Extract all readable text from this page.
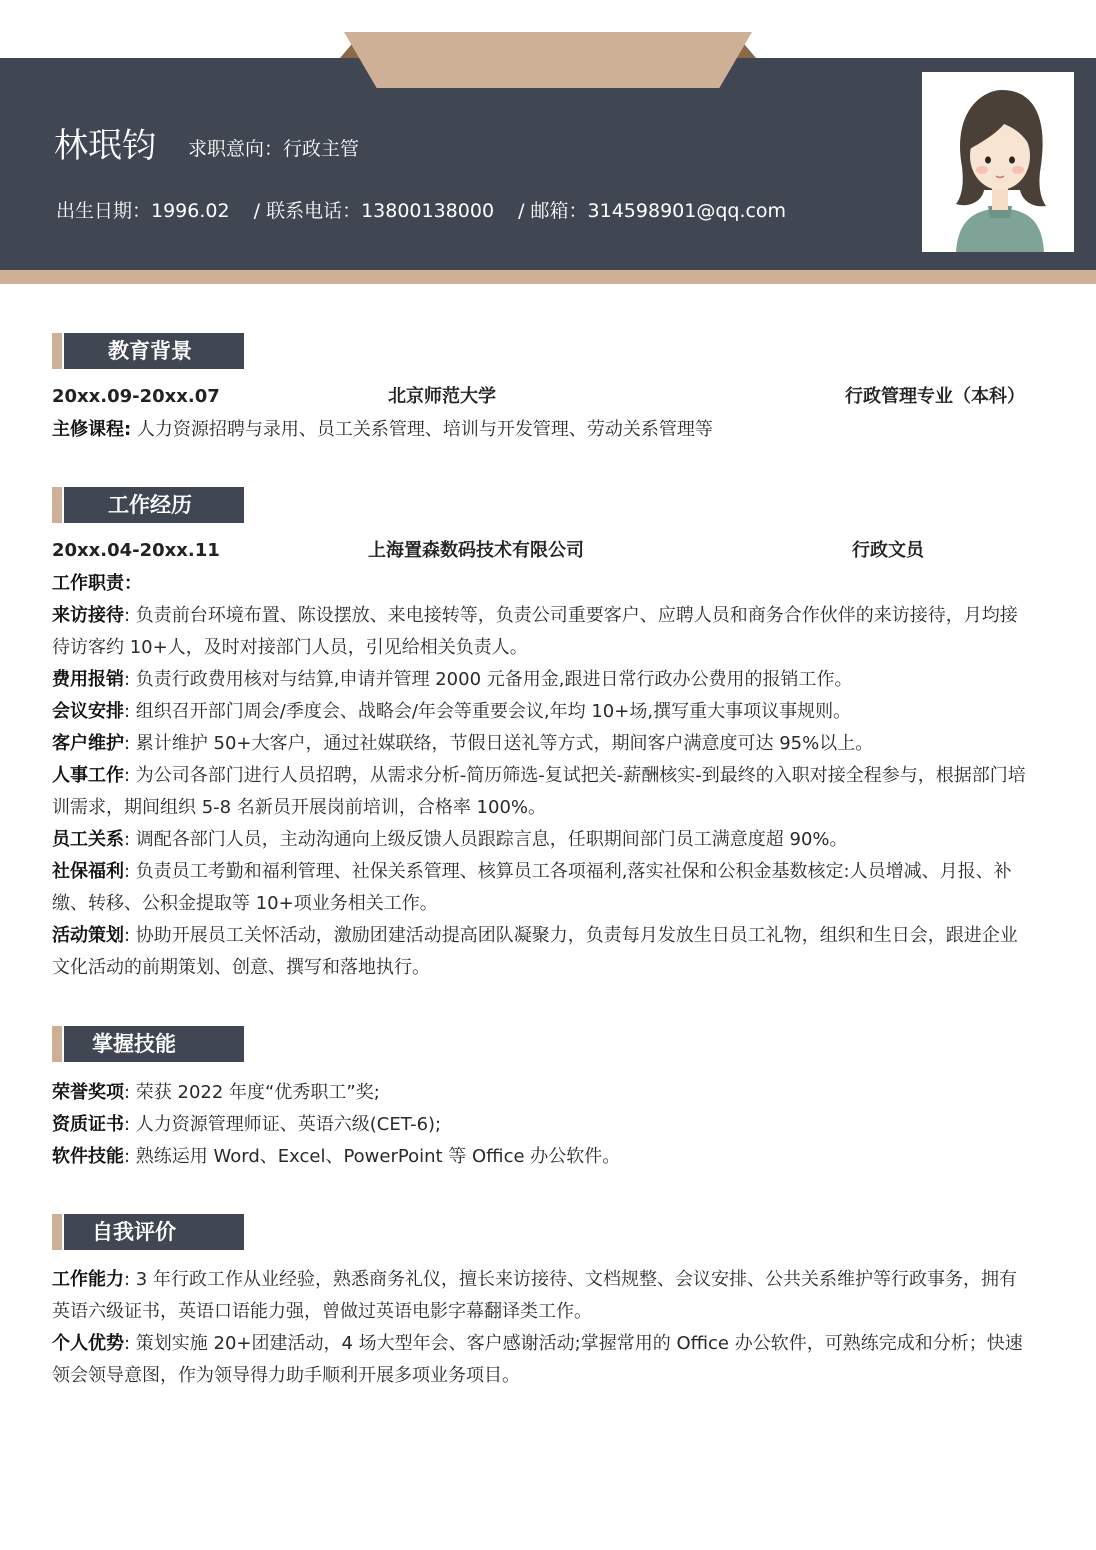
林珉钧 求职意向：行政主管
出生日期：1996.02 / 联系电话：13800138000 / 邮箱：314598901@qq.com
教育背景
20xx.09-20xx.07	北京师范大学	行政管理专业（本科）
主修课程: 人力资源招聘与录用、员工关系管理、培训与开发管理、劳动关系管理等
工作经历
20xx.04-20xx.11	上海置森数码技术有限公司	行政文员
工作职责：
来访接待: 负责前台环境布置、陈设摆放、来电接转等，负责公司重要客户、应聘人员和商务合作伙伴的来访接待，月均接待访客约 10+人，及时对接部门人员，引见给相关负责人。
费用报销: 负责行政费用核对与结算,申请并管理 2000 元备用金,跟进日常行政办公费用的报销工作。
会议安排: 组织召开部门周会/季度会、战略会/年会等重要会议,年均 10+场,撰写重大事项议事规则。
客户维护: 累计维护 50+大客户，通过社媒联络，节假日送礼等方式，期间客户满意度可达 95%以上。
人事工作: 为公司各部门进行人员招聘，从需求分析-简历筛选-复试把关-薪酬核实-到最终的入职对接全程参与，根据部门培训需求，期间组织 5-8 名新员开展岗前培训，合格率 100%。
员工关系: 调配各部门人员，主动沟通向上级反馈人员跟踪言息，任职期间部门员工满意度超 90%。
社保福利: 负责员工考勤和福利管理、社保关系管理、核算员工各项福利,落实社保和公积金基数核定:人员增减、月报、补缴、转移、公积金提取等 10+项业务相关工作。
活动策划: 协助开展员工关怀活动，激励团建活动提高团队凝聚力，负责每月发放生日员工礼物，组织和生日会，跟进企业文化活动的前期策划、创意、撰写和落地执行。
掌握技能
荣誉奖项: 荣获 2022 年度“优秀职工”奖;
资质证书: 人力资源管理师证、英语六级(CET-6);
软件技能: 熟练运用 Word、Excel、PowerPoint 等 Office 办公软件。
自我评价
工作能力: 3 年行政工作从业经验，熟悉商务礼仪，擅长来访接待、文档规整、会议安排、公共关系维护等行政事务，拥有英语六级证书，英语口语能力强，曾做过英语电影字幕翻译类工作。
个人优势: 策划实施 20+团建活动，4 场大型年会、客户感谢活动;掌握常用的 Office 办公软件，可熟练完成和分析；快速领会领导意图，作为领导得力助手顺利开展多项业务项目。
